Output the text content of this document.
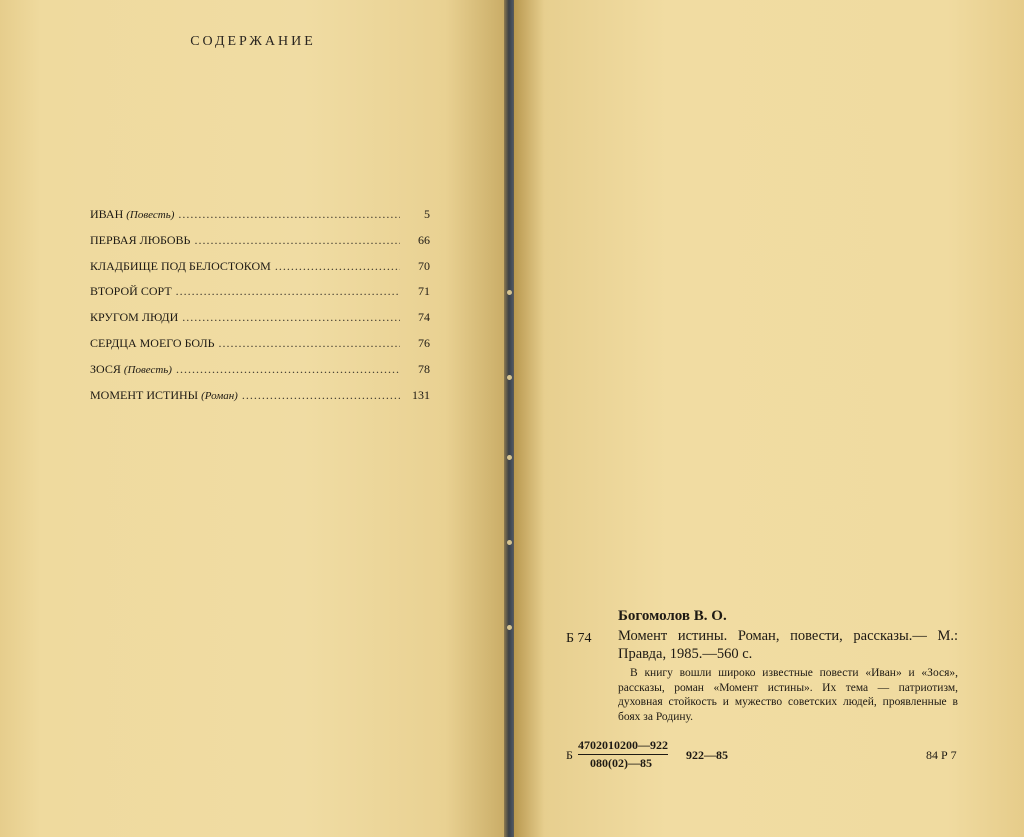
СОДЕРЖАНИЕ
ИВАН (Повесть) .....	5
ПЕРВАЯ ЛЮБОВЬ .....	66
КЛАДБИЩЕ ПОД БЕЛОСТОКОМ .....	70
ВТОРОЙ СОРТ .....	71
КРУГОМ ЛЮДИ .....	74
СЕРДЦА МОЕГО БОЛЬ .....	76
ЗОСЯ (Повесть) .....	78
МОМЕНТ ИСТИНЫ (Роман) .....	131
Богомолов В. О.
Б 74 Момент истины. Роман, повести, рассказы.— М.: Правда, 1985.—560 с.
В книгу вошли широко известные повести «Иван» и «Зося», рассказы, роман «Момент истины». Их тема — патриотизм, духовная стойкость и мужество советских людей, проявленные в боях за Родину.
Б
4702010200—922
080(02)—85
922—85	84 Р 7
